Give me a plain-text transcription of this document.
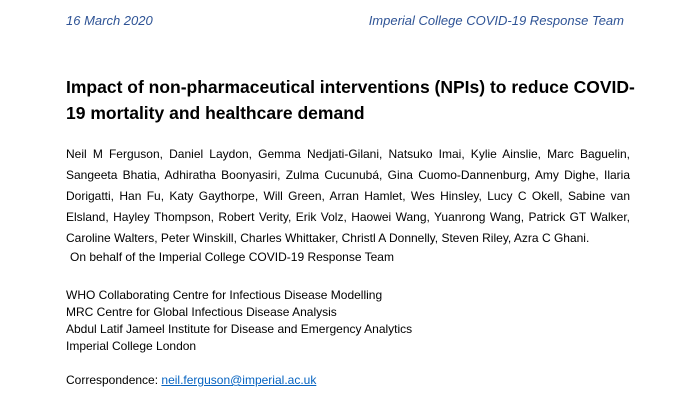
16 March 2020	Imperial College COVID-19 Response Team
Impact of non-pharmaceutical interventions (NPIs) to reduce COVID-19 mortality and healthcare demand
Neil M Ferguson, Daniel Laydon, Gemma Nedjati-Gilani, Natsuko Imai, Kylie Ainslie, Marc Baguelin, Sangeeta Bhatia, Adhiratha Boonyasiri, Zulma Cucunubá, Gina Cuomo-Dannenburg, Amy Dighe, Ilaria Dorigatti, Han Fu, Katy Gaythorpe, Will Green, Arran Hamlet, Wes Hinsley, Lucy C Okell, Sabine van Elsland, Hayley Thompson, Robert Verity, Erik Volz, Haowei Wang, Yuanrong Wang, Patrick GT Walker, Caroline Walters, Peter Winskill, Charles Whittaker, Christl A Donnelly, Steven Riley, Azra C Ghani.
On behalf of the Imperial College COVID-19 Response Team
WHO Collaborating Centre for Infectious Disease Modelling
MRC Centre for Global Infectious Disease Analysis
Abdul Latif Jameel Institute for Disease and Emergency Analytics
Imperial College London
Correspondence: neil.ferguson@imperial.ac.uk
